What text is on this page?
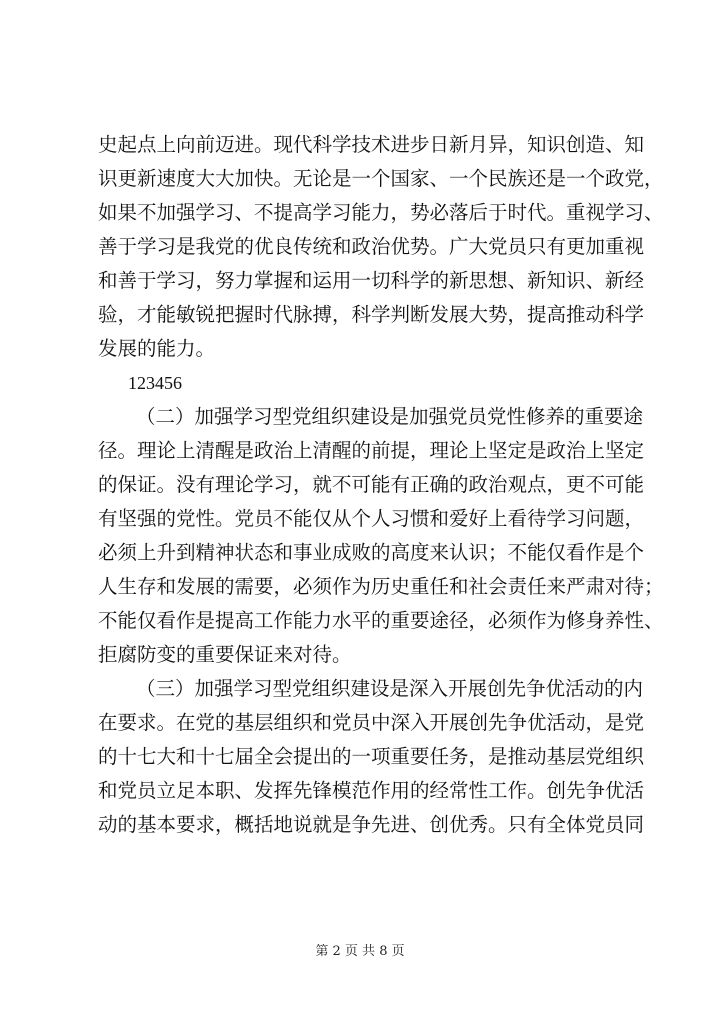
史起点上向前迈进。现代科学技术进步日新月异，知识创造、知
识更新速度大大加快。无论是一个国家、一个民族还是一个政党，
如果不加强学习、不提高学习能力，势必落后于时代。重视学习、
善于学习是我党的优良传统和政治优势。广大党员只有更加重视
和善于学习，努力掌握和运用一切科学的新思想、新知识、新经
验，才能敏锐把握时代脉搏，科学判断发展大势，提高推动科学
发展的能力。
123456
（二）加强学习型党组织建设是加强党员党性修养的重要途
径。理论上清醒是政治上清醒的前提，理论上坚定是政治上坚定
的保证。没有理论学习，就不可能有正确的政治观点，更不可能
有坚强的党性。党员不能仅从个人习惯和爱好上看待学习问题，
必须上升到精神状态和事业成败的高度来认识；不能仅看作是个
人生存和发展的需要，必须作为历史重任和社会责任来严肃对待；
不能仅看作是提高工作能力水平的重要途径，必须作为修身养性、
拒腐防变的重要保证来对待。
（三）加强学习型党组织建设是深入开展创先争优活动的内
在要求。在党的基层组织和党员中深入开展创先争优活动，是党
的十七大和十七届全会提出的一项重要任务，是推动基层党组织
和党员立足本职、发挥先锋模范作用的经常性工作。创先争优活
动的基本要求，概括地说就是争先进、创优秀。只有全体党员同
第 2 页 共 8 页
